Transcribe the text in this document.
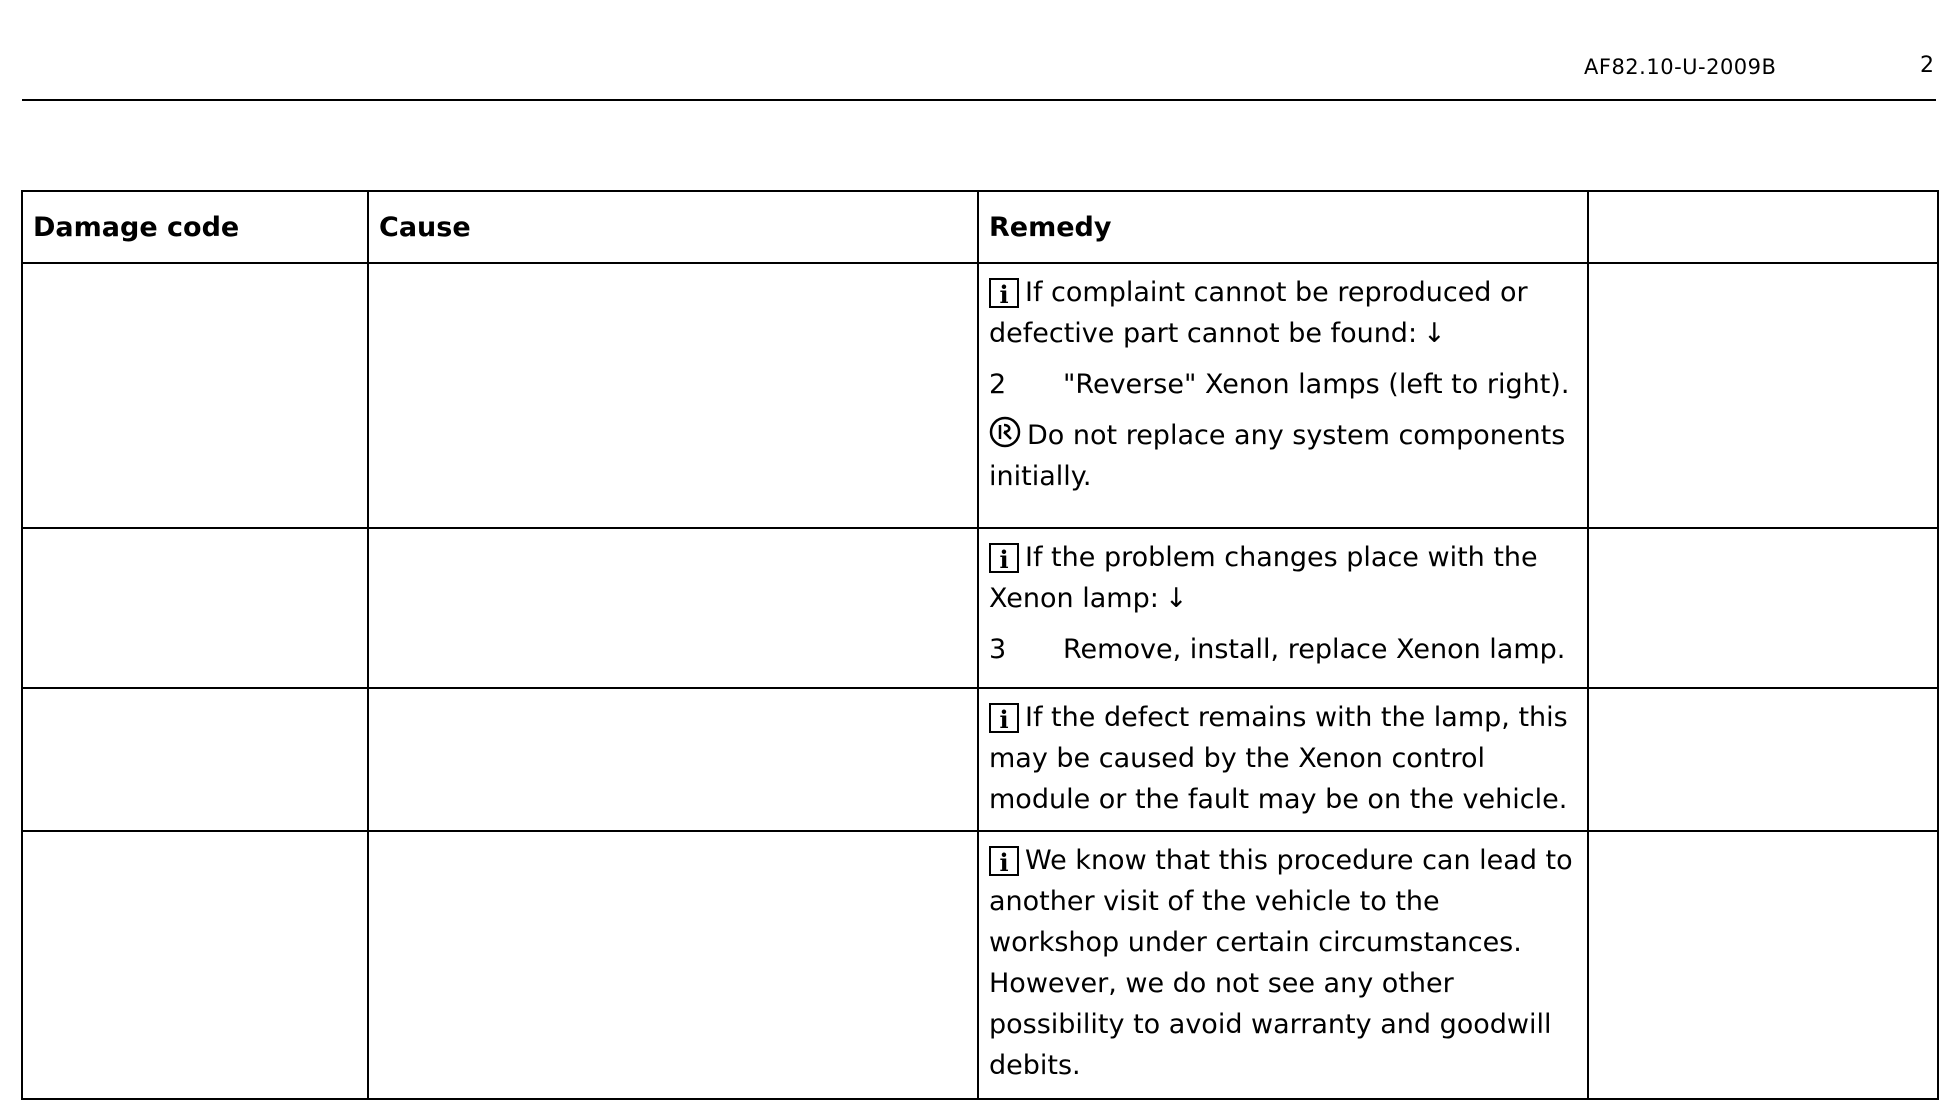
AF82.10-U-2009B	2
Damage code	Cause	Remedy	

		i If complaint cannot be reproduced or defective part cannot be found: ↓

2 "Reverse" Xenon lamps (left to right).

Do not replace any system components initially.	

		i If the problem changes place with the Xenon lamp: ↓

3 Remove, install, replace Xenon lamp.	

		i If the defect remains with the lamp, this may be caused by the Xenon control module or the fault may be on the vehicle.	

		i We know that this procedure can lead to another visit of the vehicle to the workshop under certain circumstances. However, we do not see any other possibility to avoid warranty and goodwill debits.	
